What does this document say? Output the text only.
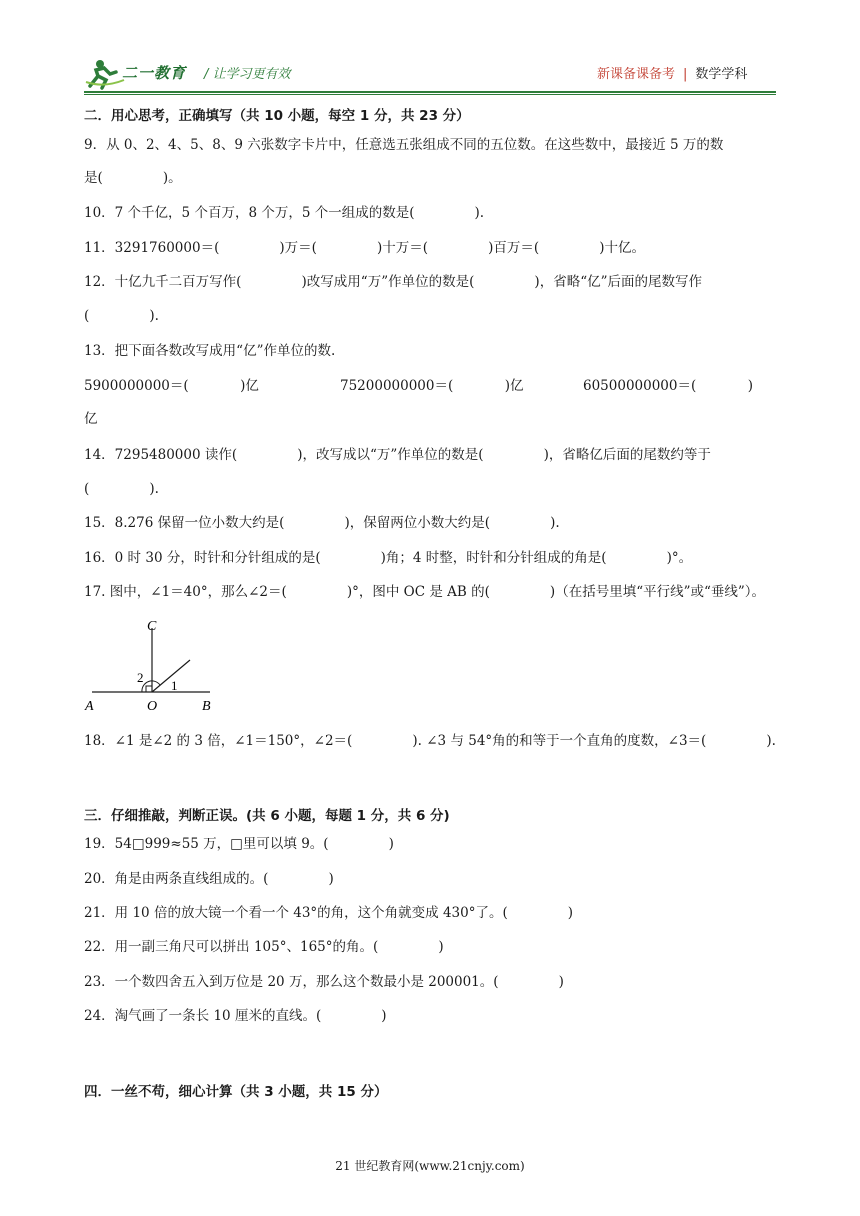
二一教育 / 让学习更有效	新课备课备考 | 数学学科
二．用心思考，正确填写（共 10 小题，每空 1 分，共 23 分）
9．从 0、2、4、5、8、9 六张数字卡片中，任意选五张组成不同的五位数。在这些数中，最接近 5 万的数
是(              )。
10．7 个千亿，5 个百万，8 个万，5 个一组成的数是(              ).
11．3291760000＝(              )万＝(              )十万＝(              )百万＝(              )十亿。
12．十亿九千二百万写作(              )改写成用“万”作单位的数是(              )，省略“亿”后面的尾数写作
(              ).
13．把下面各数改写成用“亿”作单位的数.
5900000000＝(            )亿	75200000000＝(            )亿	60500000000＝(            )
亿
14．7295480000 读作(              )，改写成以“万”作单位的数是(              )，省略亿后面的尾数约等于
(              ).
15．8.276 保留一位小数大约是(              )，保留两位小数大约是(              ).
16．0 时 30 分，时针和分针组成的是(              )角；4 时整，时针和分针组成的角是(              )°。
17. 图中，∠1＝40°，那么∠2＝(              )°，图中 OC 是 AB 的(              )（在括号里填“平行线”或“垂线”）。
C
2
1
A	O	B
18．∠1 是∠2 的 3 倍，∠1＝150°，∠2＝(              ). ∠3 与 54°角的和等于一个直角的度数，∠3＝(              ).
三．仔细推敲，判断正误。(共 6 小题，每题 1 分，共 6 分)
19．54□999≈55 万，□里可以填 9。(              )
20．角是由两条直线组成的。(              )
21．用 10 倍的放大镜一个看一个 43°的角，这个角就变成 430°了。(              )
22．用一副三角尺可以拼出 105°、165°的角。(              )
23．一个数四舍五入到万位是 20 万，那么这个数最小是 200001。(              )
24．淘气画了一条长 10 厘米的直线。(              )
四．一丝不苟，细心计算（共 3 小题，共 15 分）
21 世纪教育网(www.21cnjy.com)
